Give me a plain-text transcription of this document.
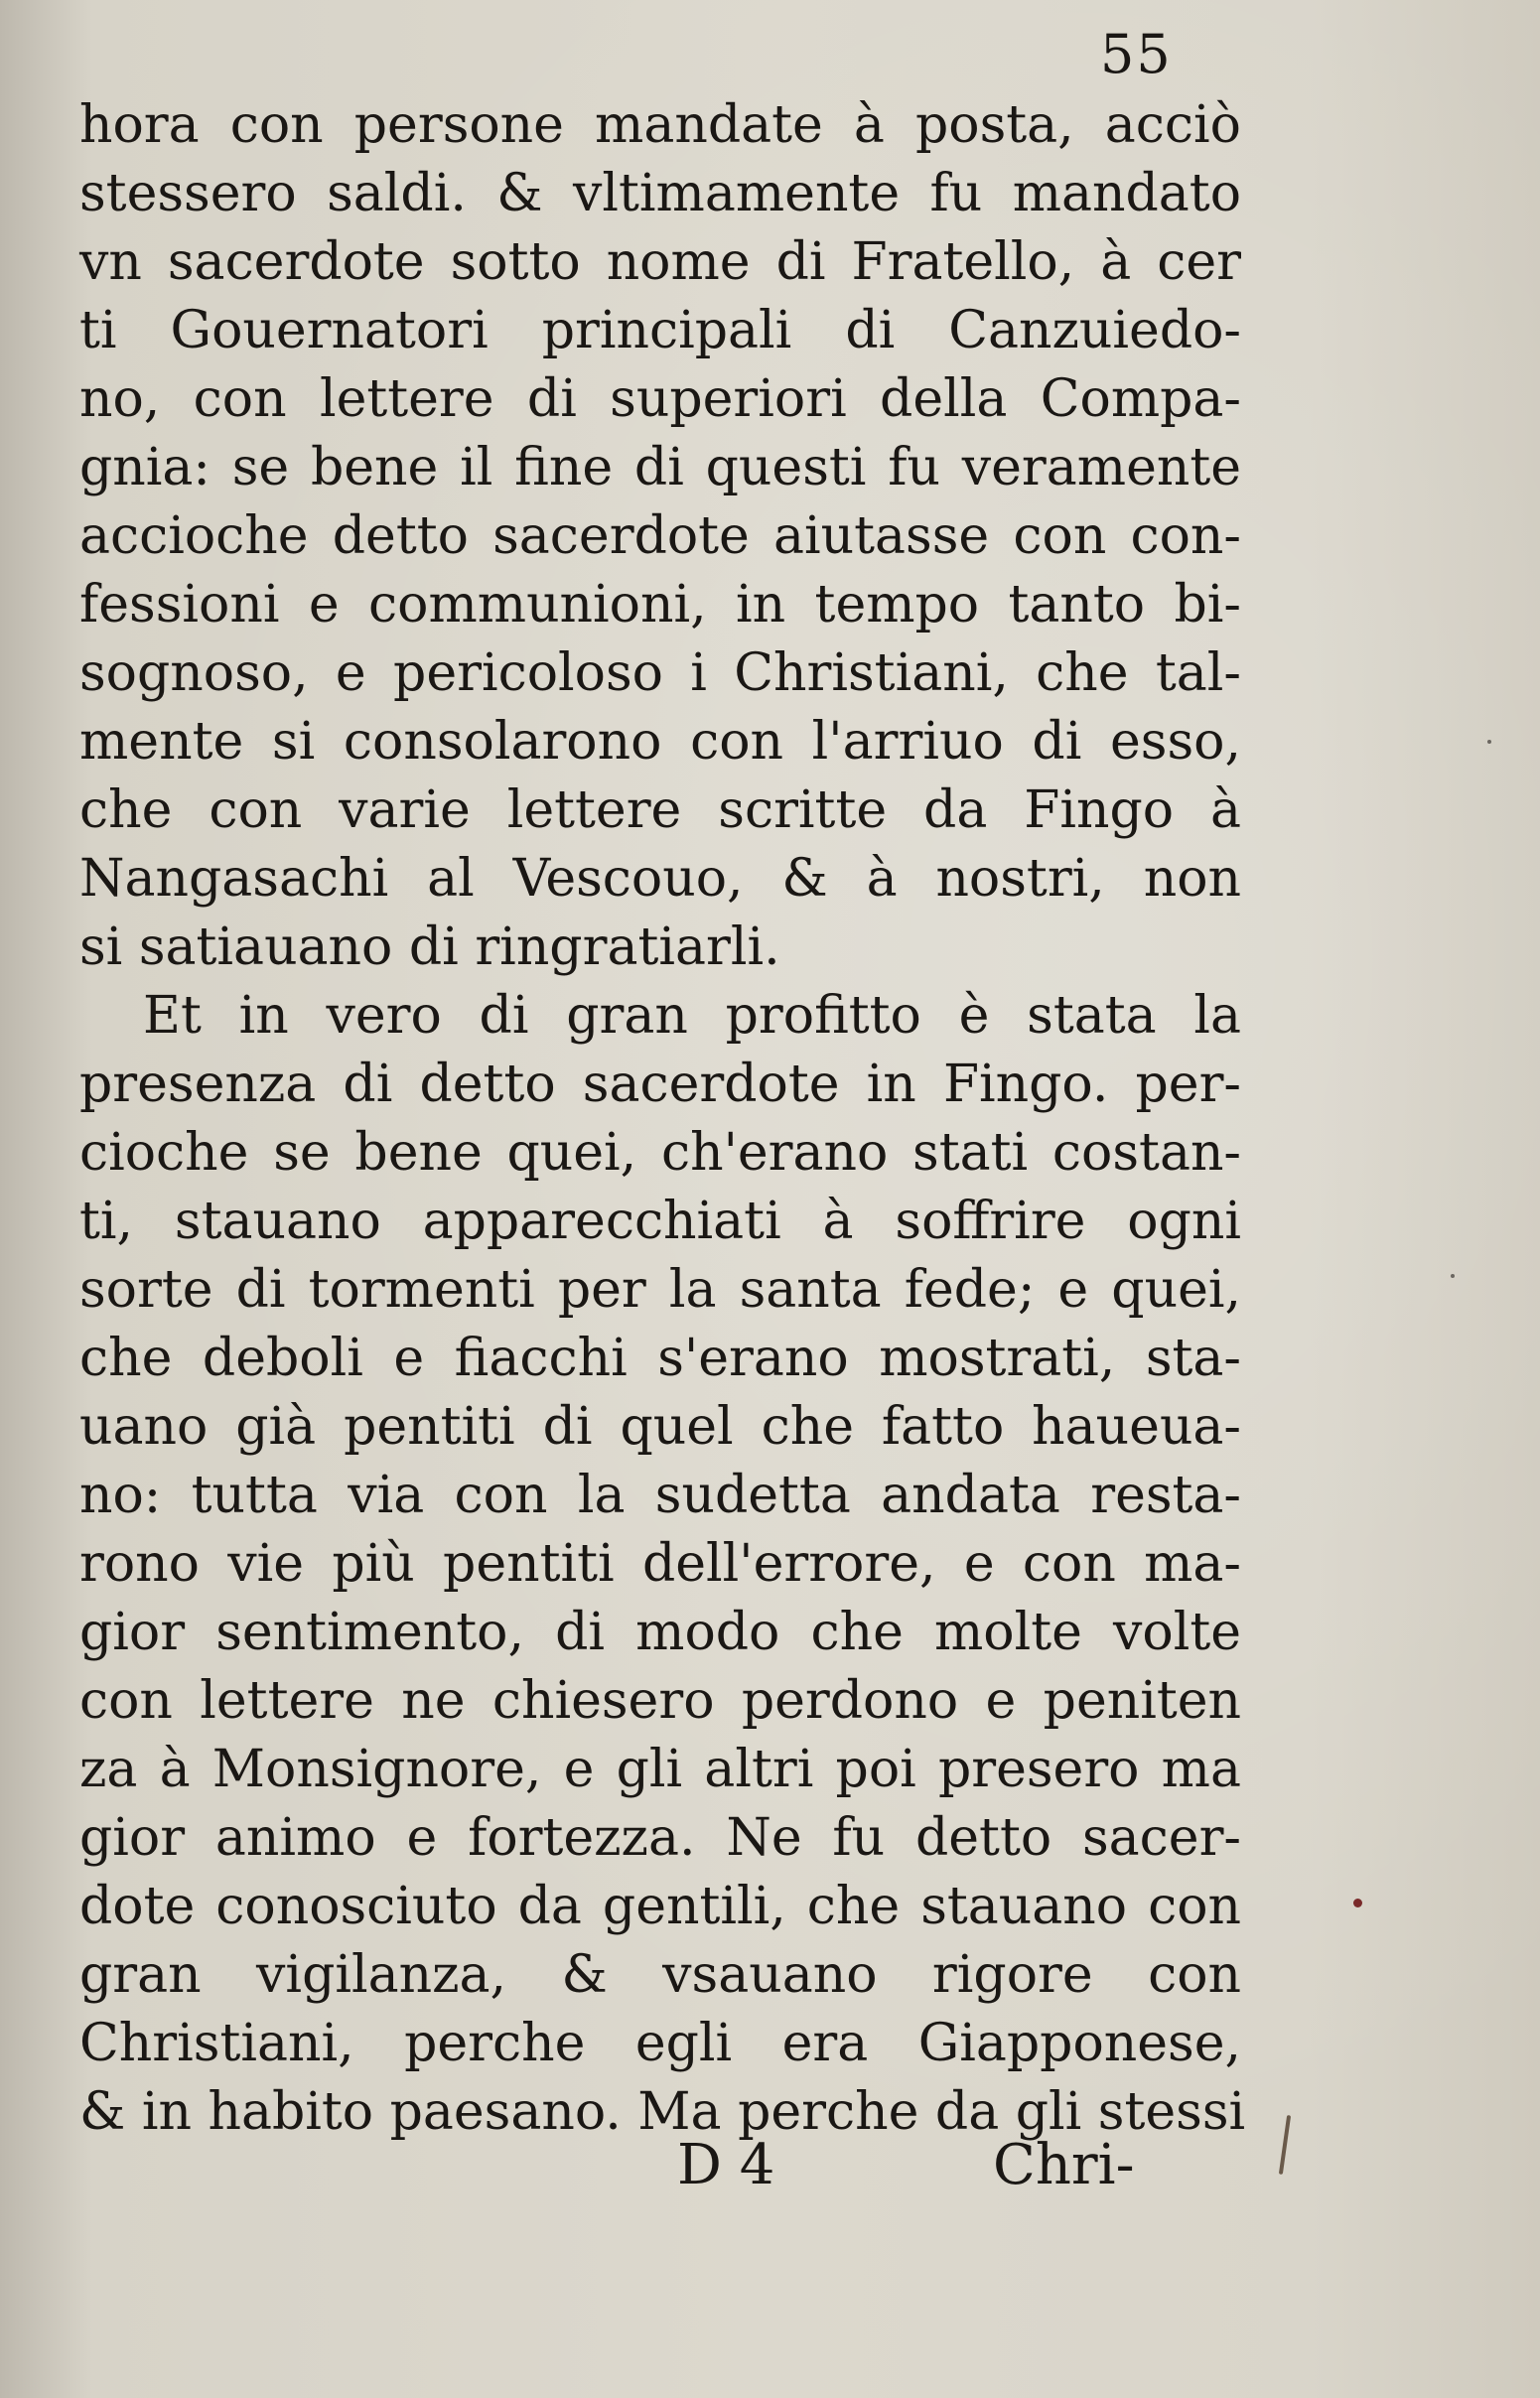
55
hora con persone mandate à posta, acciò
stessero saldi. & vltimamente fu mandato
vn sacerdote sotto nome di Fratello, à cer
ti Gouernatori principali di Canzuiedo-
no, con lettere di superiori della Compa-
gnia: se bene il fine di questi fu veramente
accioche detto sacerdote aiutasse con con-
fessioni e communioni, in tempo tanto bi-
sognoso, e pericoloso i Christiani, che tal-
mente si consolarono con l'arriuo di esso,
che con varie lettere scritte da Fingo à
Nangasachi al Vescouo, & à nostri, non
si satiauano di ringratiarli.
Et in vero di gran profitto è stata la
presenza di detto sacerdote in Fingo. per-
cioche se bene quei, ch'erano stati costan-
ti, stauano apparecchiati à soffrire ogni
sorte di tormenti per la santa fede; e quei,
che deboli e fiacchi s'erano mostrati, sta-
uano già pentiti di quel che fatto haueua-
no: tutta via con la sudetta andata resta-
rono vie più pentiti dell'errore, e con ma-
gior sentimento, di modo che molte volte
con lettere ne chiesero perdono e peniten
za à Monsignore, e gli altri poi presero ma
gior animo e fortezza. Ne fu detto sacer-
dote conosciuto da gentili, che stauano con
gran vigilanza, & vsauano rigore con
Christiani, perche egli era Giapponese,
& in habito paesano. Ma perche da gli stessi
D 4	Chri-
